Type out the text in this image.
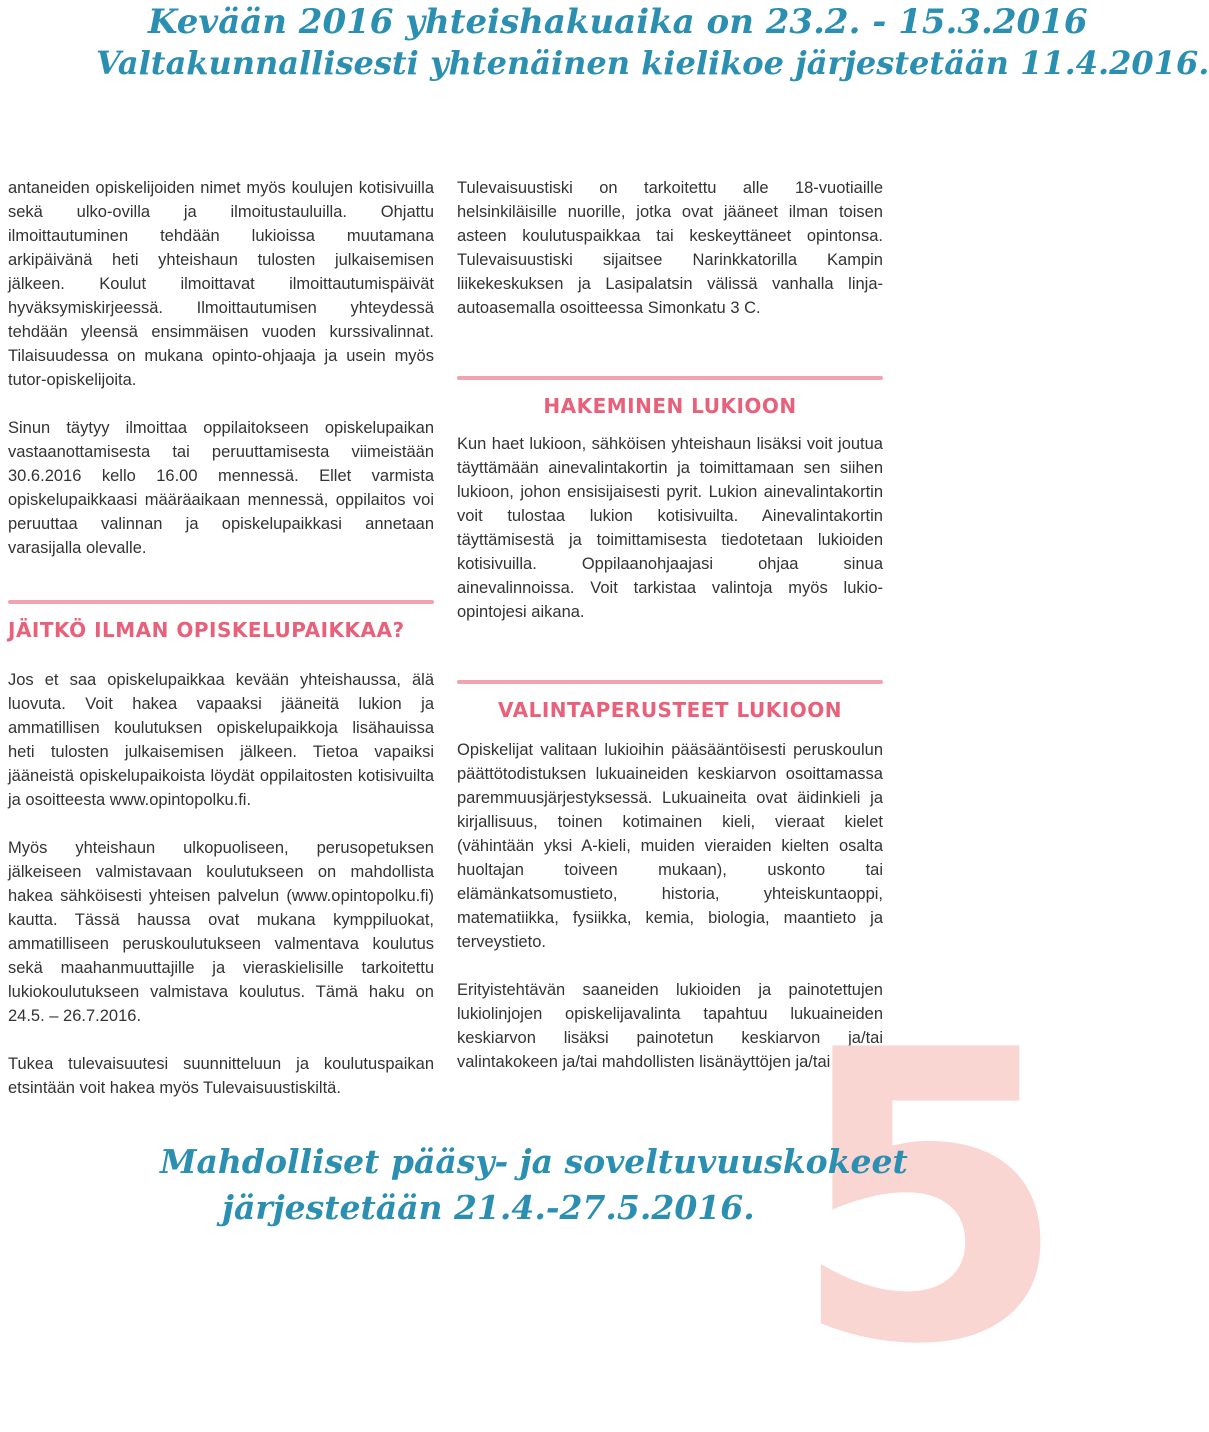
Kevään 2016 yhteishakuaika on 23.2. - 15.3.2016
Valtakunnallisesti yhtenäinen kielikoe järjestetään 11.4.2016.

antaneiden opiskelijoiden nimet myös koulujen kotisivuilla sekä ulko-ovilla ja ilmoitustauluilla. Ohjattu ilmoittautuminen tehdään lukioissa muutamana arkipäivänä heti yhteishaun tulosten julkaisemisen jälkeen. Koulut ilmoittavat ilmoittautumispäivät hyväksymiskirjeessä. Ilmoittautumisen yhteydessä tehdään yleensä ensimmäisen vuoden kurssivalinnat. Tilaisuudessa on mukana opinto-ohjaaja ja usein myös tutor-opiskelijoita.

Sinun täytyy ilmoittaa oppilaitokseen opiskelupaikan vastaanottamisesta tai peruuttamisesta viimeistään 30.6.2016 kello 16.00 mennessä. Ellet varmista opiskelupaikkaasi määräaikaan mennessä, oppilaitos voi peruuttaa valinnan ja opiskelupaikkasi annetaan varasijalla olevalle.

JÄITKÖ ILMAN OPISKELUPAIKKAA?

Jos et saa opiskelupaikkaa kevään yhteishaussa, älä luovuta. Voit hakea vapaaksi jääneitä lukion ja ammatillisen koulutuksen opiskelupaikkoja lisähauissa heti tulosten julkaisemisen jälkeen. Tietoa vapaiksi jääneistä opiskelupaikoista löydät oppilaitosten kotisivuilta ja osoitteesta www.opintopolku.fi.

Myös yhteishaun ulkopuoliseen, perusopetuksen jälkeiseen valmistavaan koulutukseen on mahdollista hakea sähköisesti yhteisen palvelun (www.opintopolku.fi) kautta. Tässä haussa ovat mukana kymppiluokat, ammatilliseen peruskoulutukseen valmentava koulutus sekä maahanmuuttajille ja vieraskielisille tarkoitettu lukiokoulutukseen valmistava koulutus. Tämä haku on 24.5. – 26.7.2016.

Tukea tulevaisuutesi suunnitteluun ja koulutuspaikan etsintään voit hakea myös Tulevaisuustiskiltä.

Tulevaisuustiski on tarkoitettu alle 18-vuotiaille helsinkiläisille nuorille, jotka ovat jääneet ilman toisen asteen koulutuspaikkaa tai keskeyttäneet opintonsa. Tulevaisuustiski sijaitsee Narinkkatorilla Kampin liikekeskuksen ja Lasipalatsin välissä vanhalla linja-autoasemalla osoitteessa Simonkatu 3 C.

HAKEMINEN LUKIOON

Kun haet lukioon, sähköisen yhteishaun lisäksi voit joutua täyttämään ainevalintakortin ja toimittamaan sen siihen lukioon, johon ensisijaisesti pyrit. Lukion ainevalintakortin voit tulostaa lukion kotisivuilta. Ainevalintakortin täyttämisestä ja toimittamisesta tiedotetaan lukioiden kotisivuilla. Oppilaanohjaajasi ohjaa sinua ainevalinnoissa. Voit tarkistaa valintoja myös lukio-opintojesi aikana.

VALINTAPERUSTEET LUKIOON

Opiskelijat valitaan lukioihin pääsääntöisesti peruskoulun päättötodistuksen lukuaineiden keskiarvon osoittamassa paremmuusjärjestyksessä. Lukuaineita ovat äidinkieli ja kirjallisuus, toinen kotimainen kieli, vieraat kielet (vähintään yksi A-kieli, muiden vieraiden kielten osalta huoltajan toiveen mukaan), uskonto tai elämänkatsomustieto, historia, yhteiskuntaoppi, matematiikka, fysiikka, kemia, biologia, maantieto ja terveystieto.

Erityistehtävän saaneiden lukioiden ja painotettujen lukiolinjojen opiskelijavalinta tapahtuu lukuaineiden keskiarvon lisäksi painotetun keskiarvon ja/tai valintakokeen ja/tai mahdollisten lisänäyttöjen ja/tai

5
Mahdolliset pääsy- ja soveltuvuuskokeet
järjestetään 21.4.-27.5.2016.
